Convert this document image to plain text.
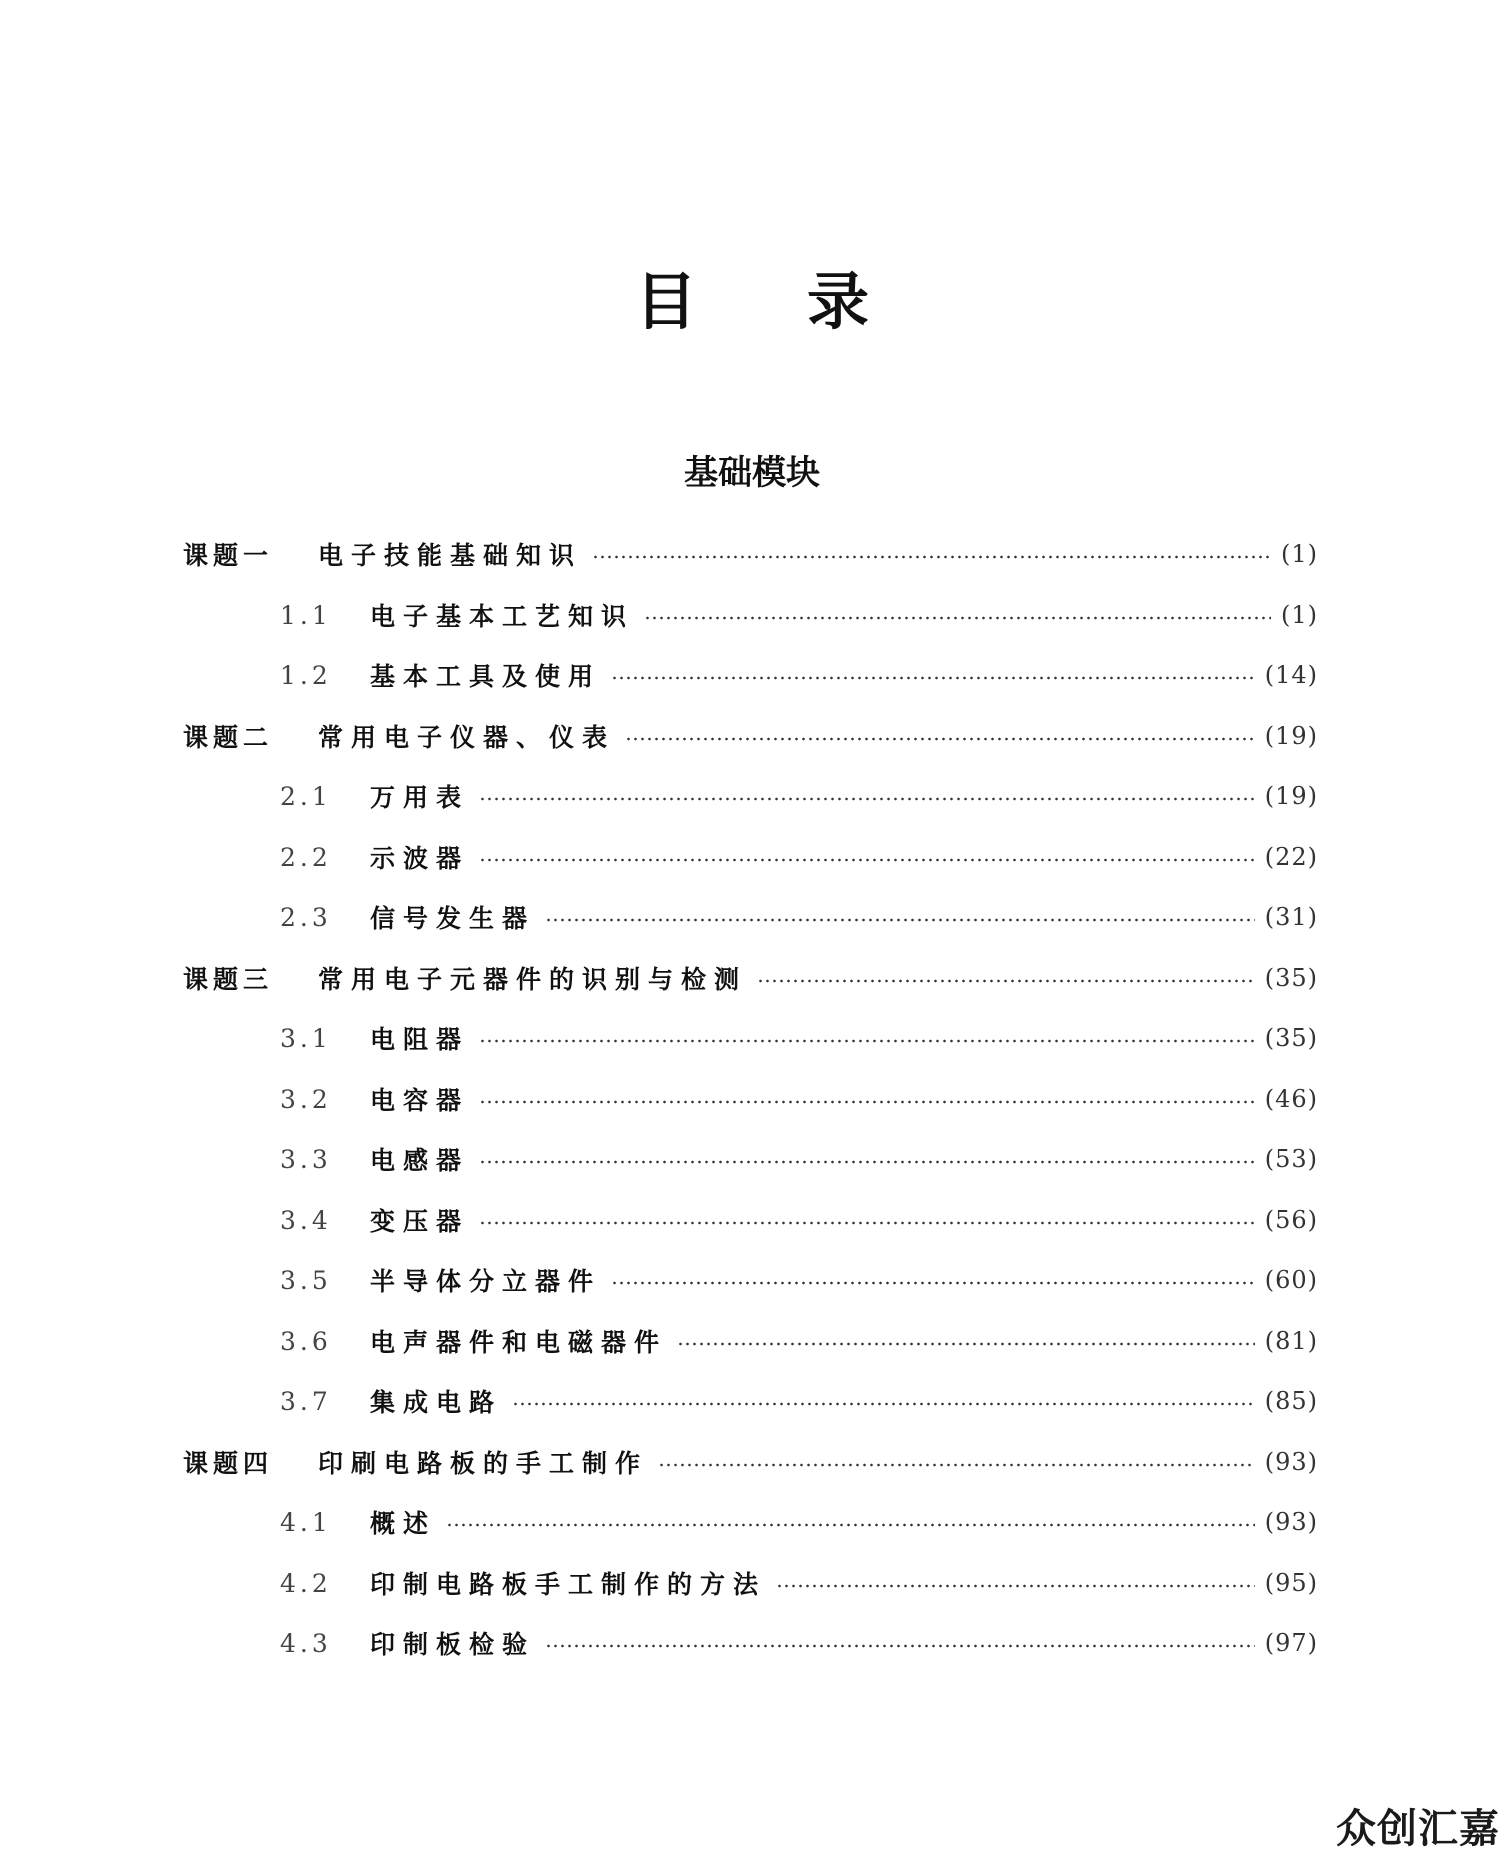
目 录
基础模块
课题一	电子技能基础知识	(1)
1.1	电子基本工艺知识	(1)
1.2	基本工具及使用	(14)
课题二	常用电子仪器、仪表	(19)
2.1	万用表	(19)
2.2	示波器	(22)
2.3	信号发生器	(31)
课题三	常用电子元器件的识别与检测	(35)
3.1	电阻器	(35)
3.2	电容器	(46)
3.3	电感器	(53)
3.4	变压器	(56)
3.5	半导体分立器件	(60)
3.6	电声器件和电磁器件	(81)
3.7	集成电路	(85)
课题四	印刷电路板的手工制作	(93)
4.1	概述	(93)
4.2	印制电路板手工制作的方法	(95)
4.3	印制板检验	(97)
众创汇嘉
